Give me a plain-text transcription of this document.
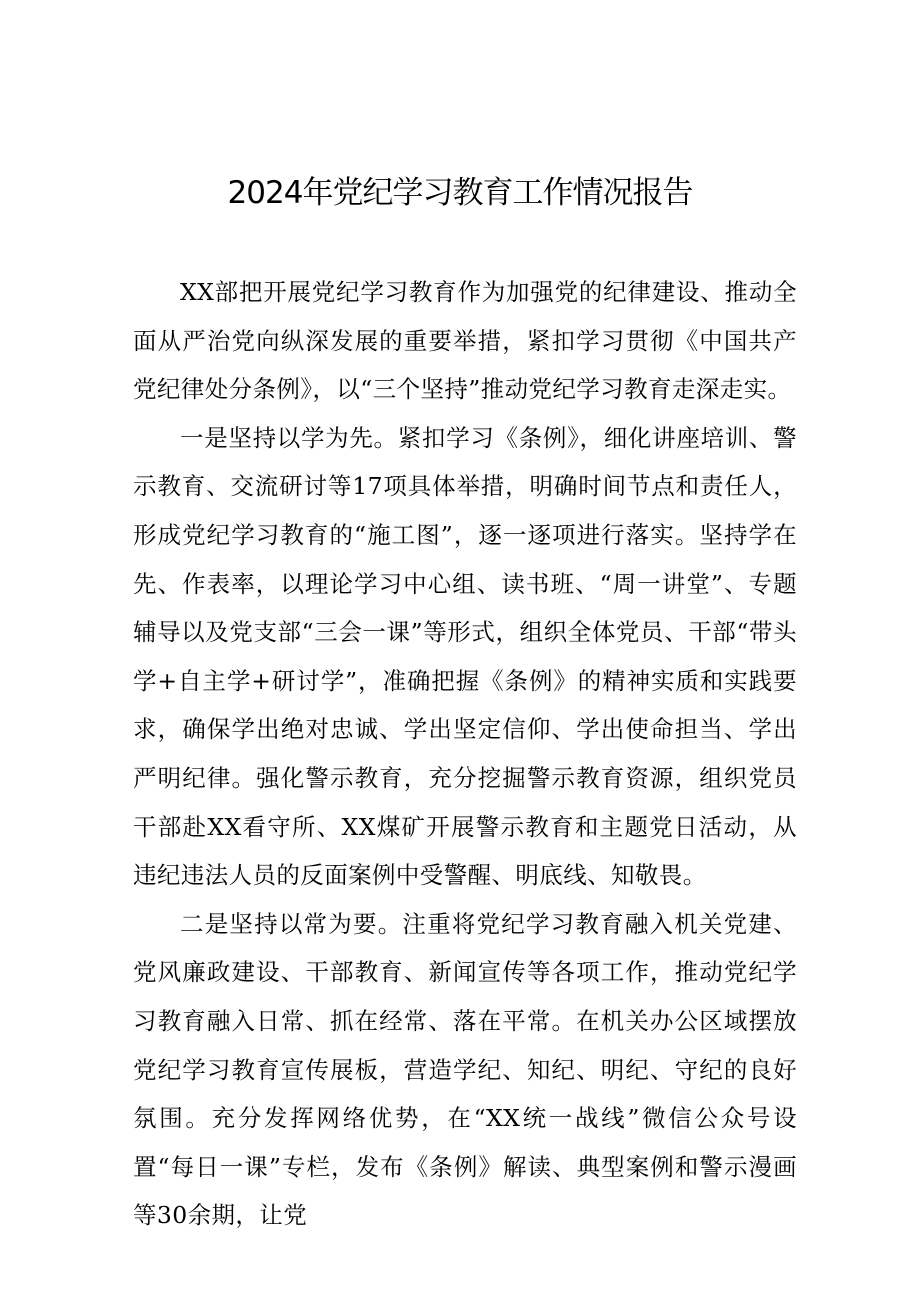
2024年党纪学习教育工作情况报告

XX部把开展党纪学习教育作为加强党的纪律建设、推动全面从严治党向纵深发展的重要举措，紧扣学习贯彻《中国共产党纪律处分条例》，以“三个坚持”推动党纪学习教育走深走实。

一是坚持以学为先。紧扣学习《条例》，细化讲座培训、警示教育、交流研讨等17项具体举措，明确时间节点和责任人，形成党纪学习教育的“施工图”，逐一逐项进行落实。坚持学在先、作表率，以理论学习中心组、读书班、“周一讲堂”、专题辅导以及党支部“三会一课”等形式，组织全体党员、干部“带头学+自主学+研讨学”，准确把握《条例》的精神实质和实践要求，确保学出绝对忠诚、学出坚定信仰、学出使命担当、学出严明纪律。强化警示教育，充分挖掘警示教育资源，组织党员干部赴XX看守所、XX煤矿开展警示教育和主题党日活动，从违纪违法人员的反面案例中受警醒、明底线、知敬畏。

二是坚持以常为要。注重将党纪学习教育融入机关党建、党风廉政建设、干部教育、新闻宣传等各项工作，推动党纪学习教育融入日常、抓在经常、落在平常。在机关办公区域摆放党纪学习教育宣传展板，营造学纪、知纪、明纪、守纪的良好氛围。充分发挥网络优势，在“XX统一战线”微信公众号设置“每日一课”专栏，发布《条例》解读、典型案例和警示漫画等30余期，让党
